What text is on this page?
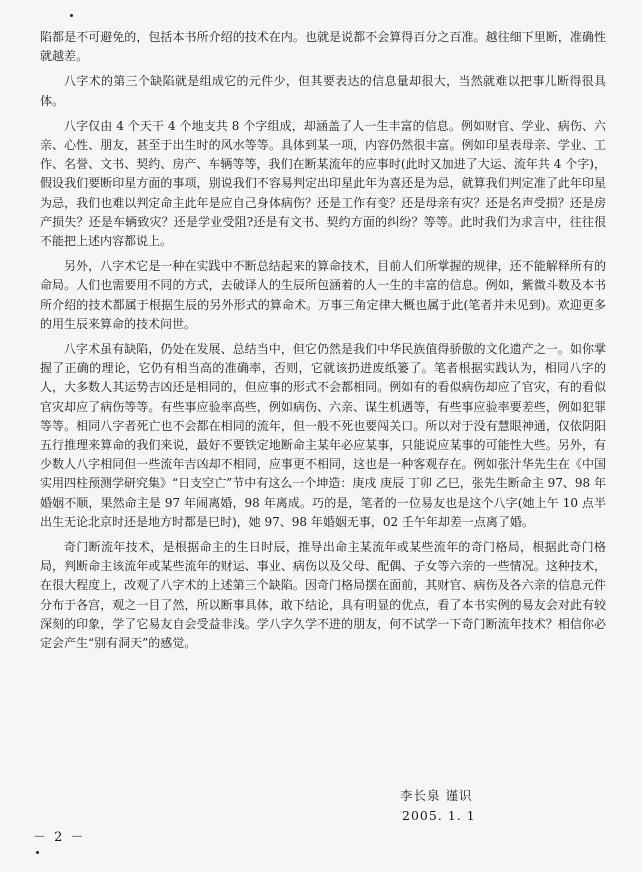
陷都是不可避免的，包括本书所介绍的技术在内。也就是说都不会算得百分之百准。越往细下里断，准确性就越差。

八字术的第三个缺陷就是组成它的元件少，但其要表达的信息量却很大，当然就难以把事儿断得很具体。

八字仅由 4 个天干 4 个地支共 8 个字组成，却涵盖了人一生丰富的信息。例如财官、学业、病伤、六亲、心性、朋友，甚至于出生时的风水等等。具体到某一项，内容仍然很丰富。例如印星表母亲、学业、工作、名誉、文书、契约、房产、车辆等等，我们在断某流年的应事时(此时又加进了大运、流年共 4 个字)，假设我们要断印星方面的事项，别说我们不容易判定出印星此年为喜还是为忌，就算我们判定准了此年印星为忌，我们也难以判定命主此年是应自己身体病伤？还是工作有变？还是母亲有灾？还是名声受损？还是房产损失？还是车辆致灾？还是学业受阻?还是有文书、契约方面的纠纷？等等。此时我们为求言中，往往很不能把上述内容都说上。

另外，八字术它是一种在实践中不断总结起来的算命技术，目前人们所掌握的规律，还不能解释所有的命局。人们也需要用不同的方式，去破译人的生辰所包涵着的人一生的丰富的信息。例如，紫微斗数及本书所介绍的技术都属于根据生辰的另外形式的算命术。万事三角定律大概也属于此(笔者并未见到)。欢迎更多的用生辰来算命的技术问世。

八字术虽有缺陷，仍处在发展、总结当中，但它仍然是我们中华民族值得骄傲的文化遗产之一。如你掌握了正确的理论，它仍有相当高的准确率，否则，它就该扔进废纸篓了。笔者根据实践认为，相同八字的人，大多数人其运势吉凶还是相同的，但应事的形式不会都相同。例如有的看似病伤却应了官灾，有的看似官灾却应了病伤等等。有些事应验率高些，例如病伤、六亲、谋生机遇等，有些事应验率要差些，例如犯罪等等。相同八字者死亡也不会都在相同的流年，但一般不死也要闯关口。所以对于没有慧眼神通，仅依阴阳五行推理来算命的我们来说，最好不要铁定地断命主某年必应某事，只能说应某事的可能性大些。另外，有少数人八字相同但一些流年吉凶却不相同，应事更不相同，这也是一种客观存在。例如张汁华先生在《中国实用四柱预测学研究集》“日支空亡”节中有这么一个坤造：庚戌 庚辰 丁卯 乙巳，张先生断命主 97、98 年婚姻不顺，果然命主是 97 年闹离婚，98 年离成。巧的是，笔者的一位易友也是这个八字(她上午 10 点半出生无论北京时还是地方时都是巳时)，她 97、98 年婚姻无事，02 壬午年却差一点离了婚。

奇门断流年技术，是根据命主的生日时辰，推导出命主某流年或某些流年的奇门格局，根据此奇门格局，判断命主该流年或某些流年的财运、事业、病伤以及父母、配偶、子女等六亲的一些情况。这种技术，在很大程度上，改观了八字术的上述第三个缺陷。因奇门格局摆在面前，其财官、病伤及各六亲的信息元件分布于各宫，观之一目了然，所以断事具体，敢下结论，具有明显的优点，看了本书实例的易友会对此有较深刻的印象，学了它易友自会受益非浅。学八字久学不进的朋友，何不试学一下奇门断流年技术？相信你必定会产生“别有洞天”的感觉。

李长泉 谨识
2005. 1. 1
－ 2 －
